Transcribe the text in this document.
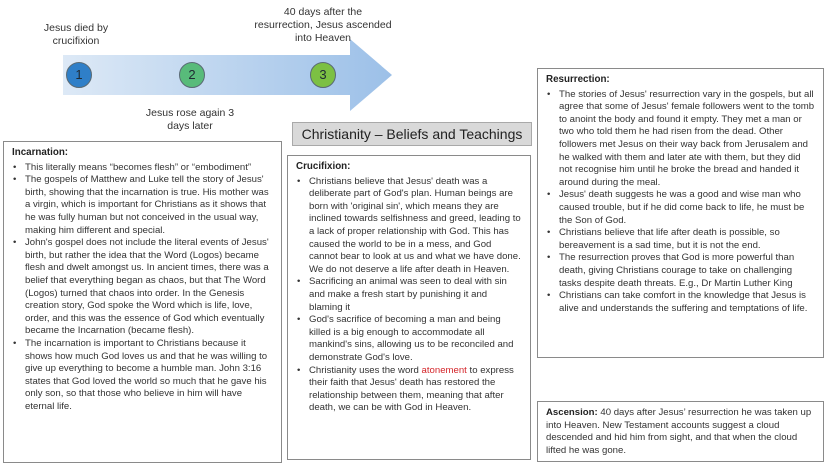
1	2	3
Jesus died by
crucifixion
Jesus rose again 3
days later
40 days after the
resurrection, Jesus ascended
into Heaven
Christianity – Beliefs and Teachings
Incarnation:
• This literally means “becomes flesh” or “embodiment”
• The gospels of Matthew and Luke tell the story of Jesus' birth, showing that the incarnation is true. His mother was a virgin, which is important for Christians as it shows that he was fully human but not conceived in the usual way, making him different and special.
• John's gospel does not include the literal events of Jesus' birth, but rather the idea that the Word (Logos) became flesh and dwelt amongst us. In ancient times, there was a belief that everything began as chaos, but that The Word (Logos) turned that chaos into order. In the Genesis creation story, God spoke the Word which is life, love, order, and this was the essence of God which eventually became the Incarnation (became flesh).
• The incarnation is important to Christians because it shows how much God loves us and that he was willing to give up everything to become a humble man. John 3:16 states that God loved the world so much that he gave his only son, so that those who believe in him will have eternal life.
Crucifixion:
• Christians believe that Jesus' death was a deliberate part of God's plan. Human beings are born with 'original sin', which means they are inclined towards selfishness and greed, leading to a lack of proper relationship with God. This has caused the world to be in a mess, and God cannot bear to look at us and what we have done. We do not deserve a life after death in Heaven.
• Sacrificing an animal was seen to deal with sin and make a fresh start by punishing it and blaming it
• God's sacrifice of becoming a man and being killed is a big enough to accommodate all mankind's sins, allowing us to be reconciled and demonstrate God's love.
• Christianity uses the word atonement to express their faith that Jesus' death has restored the relationship between them, meaning that after death, we can be with God in Heaven.
Resurrection:
• The stories of Jesus' resurrection vary in the gospels, but all agree that some of Jesus' female followers went to the tomb to anoint the body and found it empty. They met a man or two who told them he had risen from the dead. Other followers met Jesus on their way back from Jerusalem and he walked with them and later ate with them, but they did not recognise him until he broke the bread and handed it around during the meal.
• Jesus' death suggests he was a good and wise man who caused trouble, but if he did come back to life, he must be the Son of God.
• Christians believe that life after death is possible, so bereavement is a sad time, but it is not the end.
• The resurrection proves that God is more powerful than death, giving Christians courage to take on challenging tasks despite death threats. E.g., Dr Martin Luther King
• Christians can take comfort in the knowledge that Jesus is alive and understands the suffering and temptations of life.
Ascension: 40 days after Jesus’ resurrection he was taken up into Heaven. New Testament accounts suggest a cloud descended and hid him from sight, and that when the cloud lifted he was gone.
